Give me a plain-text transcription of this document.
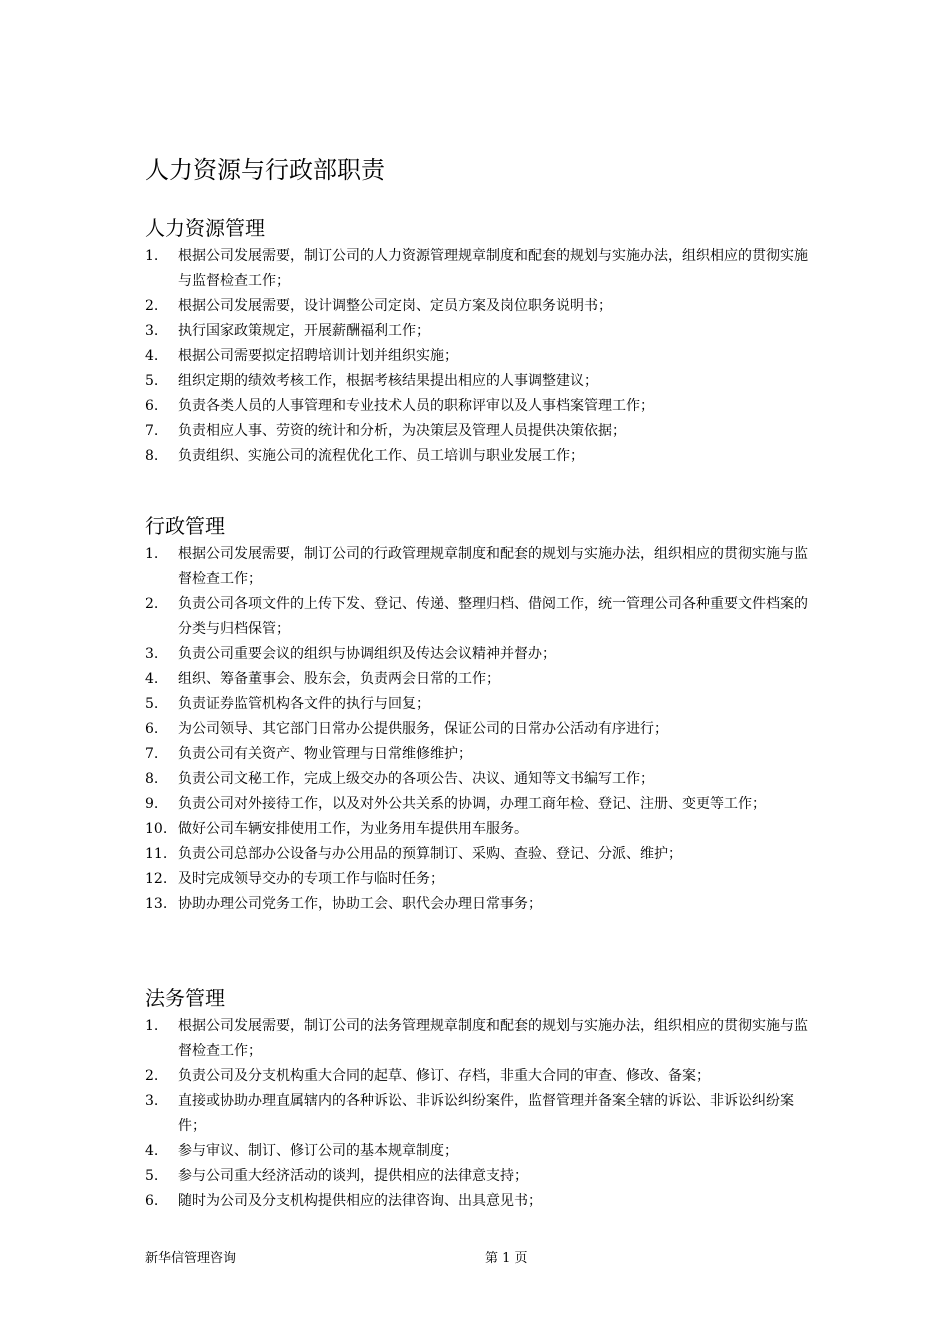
人力资源与行政部职责
人力资源管理
1. 根据公司发展需要，制订公司的人力资源管理规章制度和配套的规划与实施办法，组织相应的贯彻实施与监督检查工作；
2. 根据公司发展需要，设计调整公司定岗、定员方案及岗位职务说明书；
3. 执行国家政策规定，开展薪酬福利工作；
4. 根据公司需要拟定招聘培训计划并组织实施；
5. 组织定期的绩效考核工作，根据考核结果提出相应的人事调整建议；
6. 负责各类人员的人事管理和专业技术人员的职称评审以及人事档案管理工作；
7. 负责相应人事、劳资的统计和分析，为决策层及管理人员提供决策依据；
8. 负责组织、实施公司的流程优化工作、员工培训与职业发展工作；
行政管理
1. 根据公司发展需要，制订公司的行政管理规章制度和配套的规划与实施办法，组织相应的贯彻实施与监督检查工作；
2. 负责公司各项文件的上传下发、登记、传递、整理归档、借阅工作，统一管理公司各种重要文件档案的分类与归档保管；
3. 负责公司重要会议的组织与协调组织及传达会议精神并督办；
4. 组织、筹备董事会、股东会，负责两会日常的工作；
5. 负责证券监管机构各文件的执行与回复；
6. 为公司领导、其它部门日常办公提供服务，保证公司的日常办公活动有序进行；
7. 负责公司有关资产、物业管理与日常维修维护；
8. 负责公司文秘工作，完成上级交办的各项公告、决议、通知等文书编写工作；
9. 负责公司对外接待工作，以及对外公共关系的协调，办理工商年检、登记、注册、变更等工作；
10. 做好公司车辆安排使用工作，为业务用车提供用车服务。
11. 负责公司总部办公设备与办公用品的预算制订、采购、查验、登记、分派、维护；
12. 及时完成领导交办的专项工作与临时任务；
13. 协助办理公司党务工作，协助工会、职代会办理日常事务；
法务管理
1. 根据公司发展需要，制订公司的法务管理规章制度和配套的规划与实施办法，组织相应的贯彻实施与监督检查工作；
2. 负责公司及分支机构重大合同的起草、修订、存档，非重大合同的审查、修改、备案；
3. 直接或协助办理直属辖内的各种诉讼、非诉讼纠纷案件，监督管理并备案全辖的诉讼、非诉讼纠纷案件；
4. 参与审议、制订、修订公司的基本规章制度；
5. 参与公司重大经济活动的谈判，提供相应的法律意支持；
6. 随时为公司及分支机构提供相应的法律咨询、出具意见书；
新华信管理咨询	第 1 页
